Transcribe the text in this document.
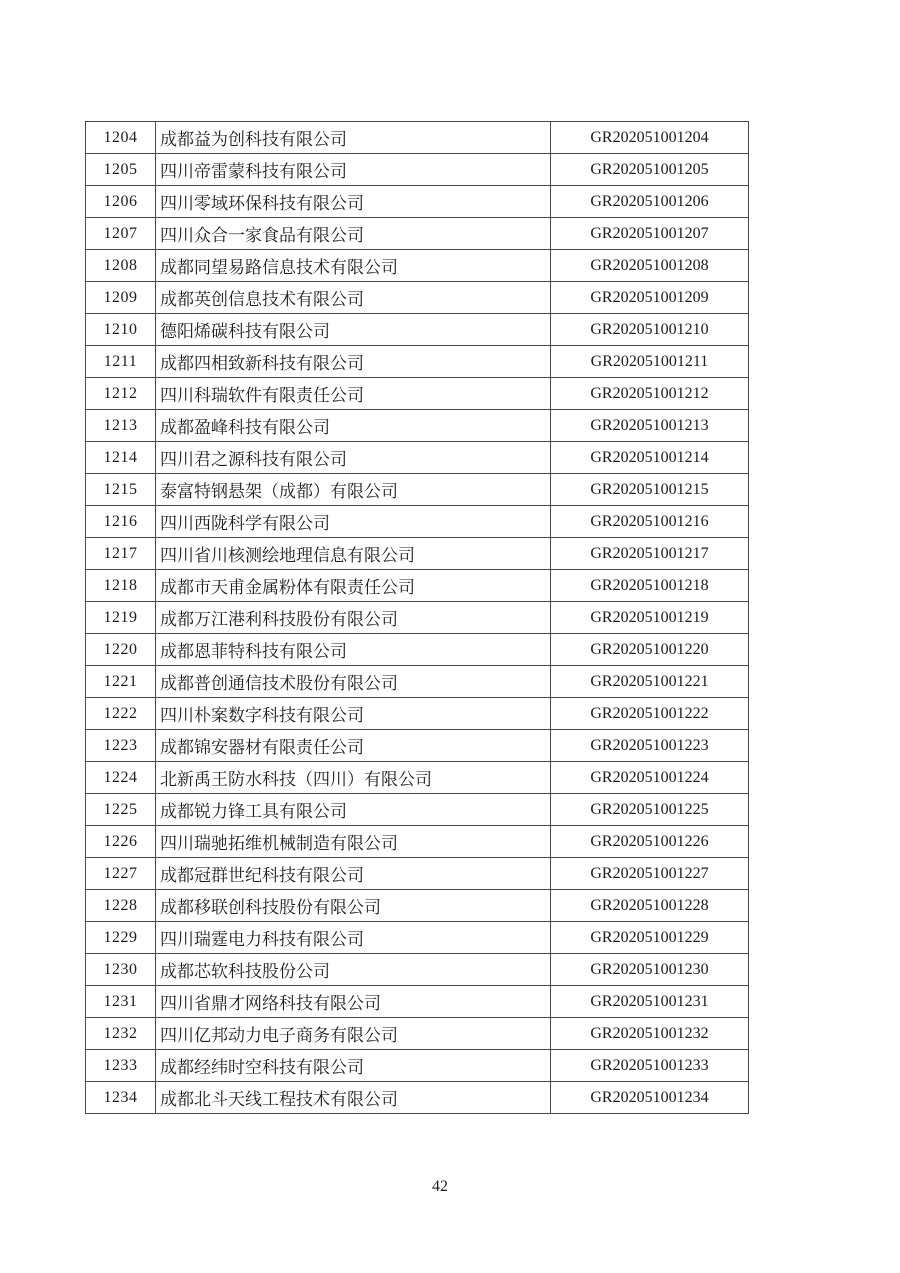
1204	成都益为创科技有限公司	GR202051001204
1205	四川帝雷蒙科技有限公司	GR202051001205
1206	四川零域环保科技有限公司	GR202051001206
1207	四川众合一家食品有限公司	GR202051001207
1208	成都同望易路信息技术有限公司	GR202051001208
1209	成都英创信息技术有限公司	GR202051001209
1210	德阳烯碳科技有限公司	GR202051001210
1211	成都四相致新科技有限公司	GR202051001211
1212	四川科瑞软件有限责任公司	GR202051001212
1213	成都盈峰科技有限公司	GR202051001213
1214	四川君之源科技有限公司	GR202051001214
1215	泰富特钢悬架（成都）有限公司	GR202051001215
1216	四川西陇科学有限公司	GR202051001216
1217	四川省川核测绘地理信息有限公司	GR202051001217
1218	成都市天甫金属粉体有限责任公司	GR202051001218
1219	成都万江港利科技股份有限公司	GR202051001219
1220	成都恩菲特科技有限公司	GR202051001220
1221	成都普创通信技术股份有限公司	GR202051001221
1222	四川朴案数字科技有限公司	GR202051001222
1223	成都锦安器材有限责任公司	GR202051001223
1224	北新禹王防水科技（四川）有限公司	GR202051001224
1225	成都锐力锋工具有限公司	GR202051001225
1226	四川瑞驰拓维机械制造有限公司	GR202051001226
1227	成都冠群世纪科技有限公司	GR202051001227
1228	成都移联创科技股份有限公司	GR202051001228
1229	四川瑞霆电力科技有限公司	GR202051001229
1230	成都芯软科技股份公司	GR202051001230
1231	四川省鼎才网络科技有限公司	GR202051001231
1232	四川亿邦动力电子商务有限公司	GR202051001232
1233	成都经纬时空科技有限公司	GR202051001233
1234	成都北斗天线工程技术有限公司	GR202051001234
42
